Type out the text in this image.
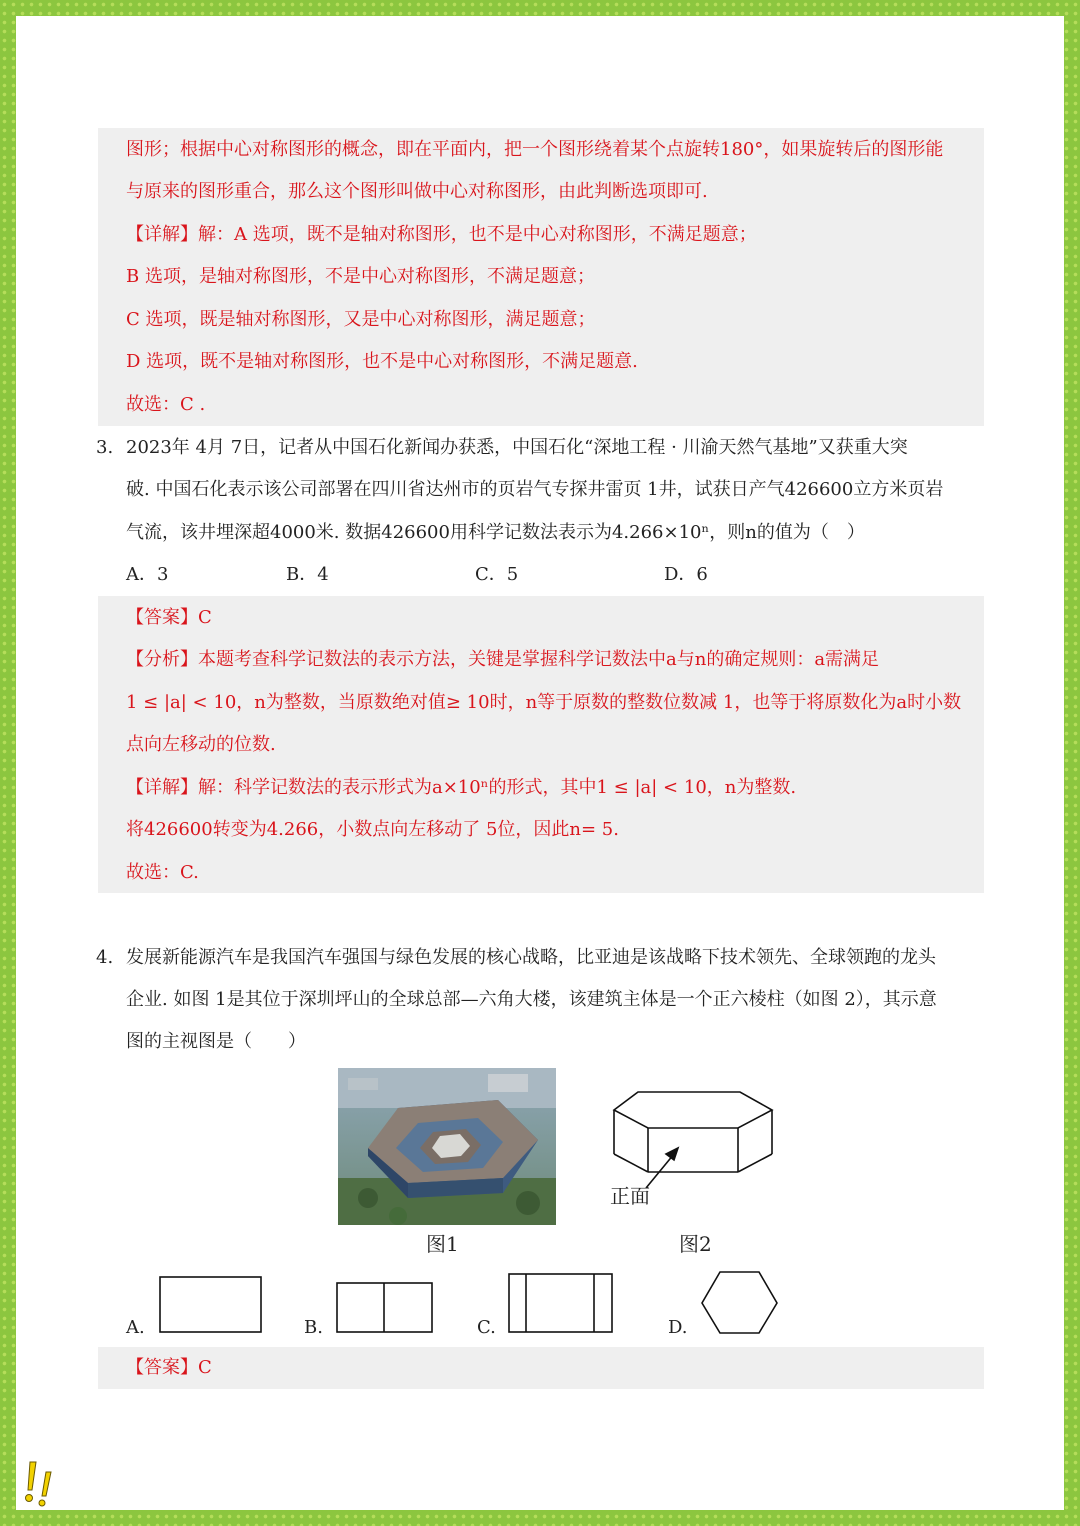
图形；根据中心对称图形的概念，即在平面内，把一个图形绕着某个点旋转180°，如果旋转后的图形能
与原来的图形重合，那么这个图形叫做中心对称图形，由此判断选项即可.
【详解】解：A 选项，既不是轴对称图形，也不是中心对称图形，不满足题意；
B 选项，是轴对称图形，不是中心对称图形，不满足题意；
C 选项，既是轴对称图形，又是中心对称图形，满足题意；
D 选项，既不是轴对称图形，也不是中心对称图形，不满足题意.
故选：C .
3. 2023年 4月 7日，记者从中国石化新闻办获悉，中国石化“深地工程 · 川渝天然气基地”又获重大突
破. 中国石化表示该公司部署在四川省达州市的页岩气专探井雷页 1井，试获日产气426600立方米页岩
气流，该井埋深超4000米. 数据426600用科学记数法表示为4.266×10ⁿ，则n的值为（　）
A．3	B．4	C．5	D．6
【答案】C
【分析】本题考查科学记数法的表示方法，关键是掌握科学记数法中a与n的确定规则：a需满足
1 ≤ |a| < 10，n为整数，当原数绝对值≥ 10时，n等于原数的整数位数减 1，也等于将原数化为a时小数
点向左移动的位数.
【详解】解：科学记数法的表示形式为a×10ⁿ的形式，其中1 ≤ |a| < 10，n为整数.
将426600转变为4.266，小数点向左移动了 5位，因此n= 5.
故选：C.
4. 发展新能源汽车是我国汽车强国与绿色发展的核心战略，比亚迪是该战略下技术领先、全球领跑的龙头
企业. 如图 1是其位于深圳坪山的全球总部—六角大楼，该建筑主体是一个正六棱柱（如图 2），其示意
图的主视图是（　　）
图1
正面
图2
A.	B.	C.	D.
【答案】C
